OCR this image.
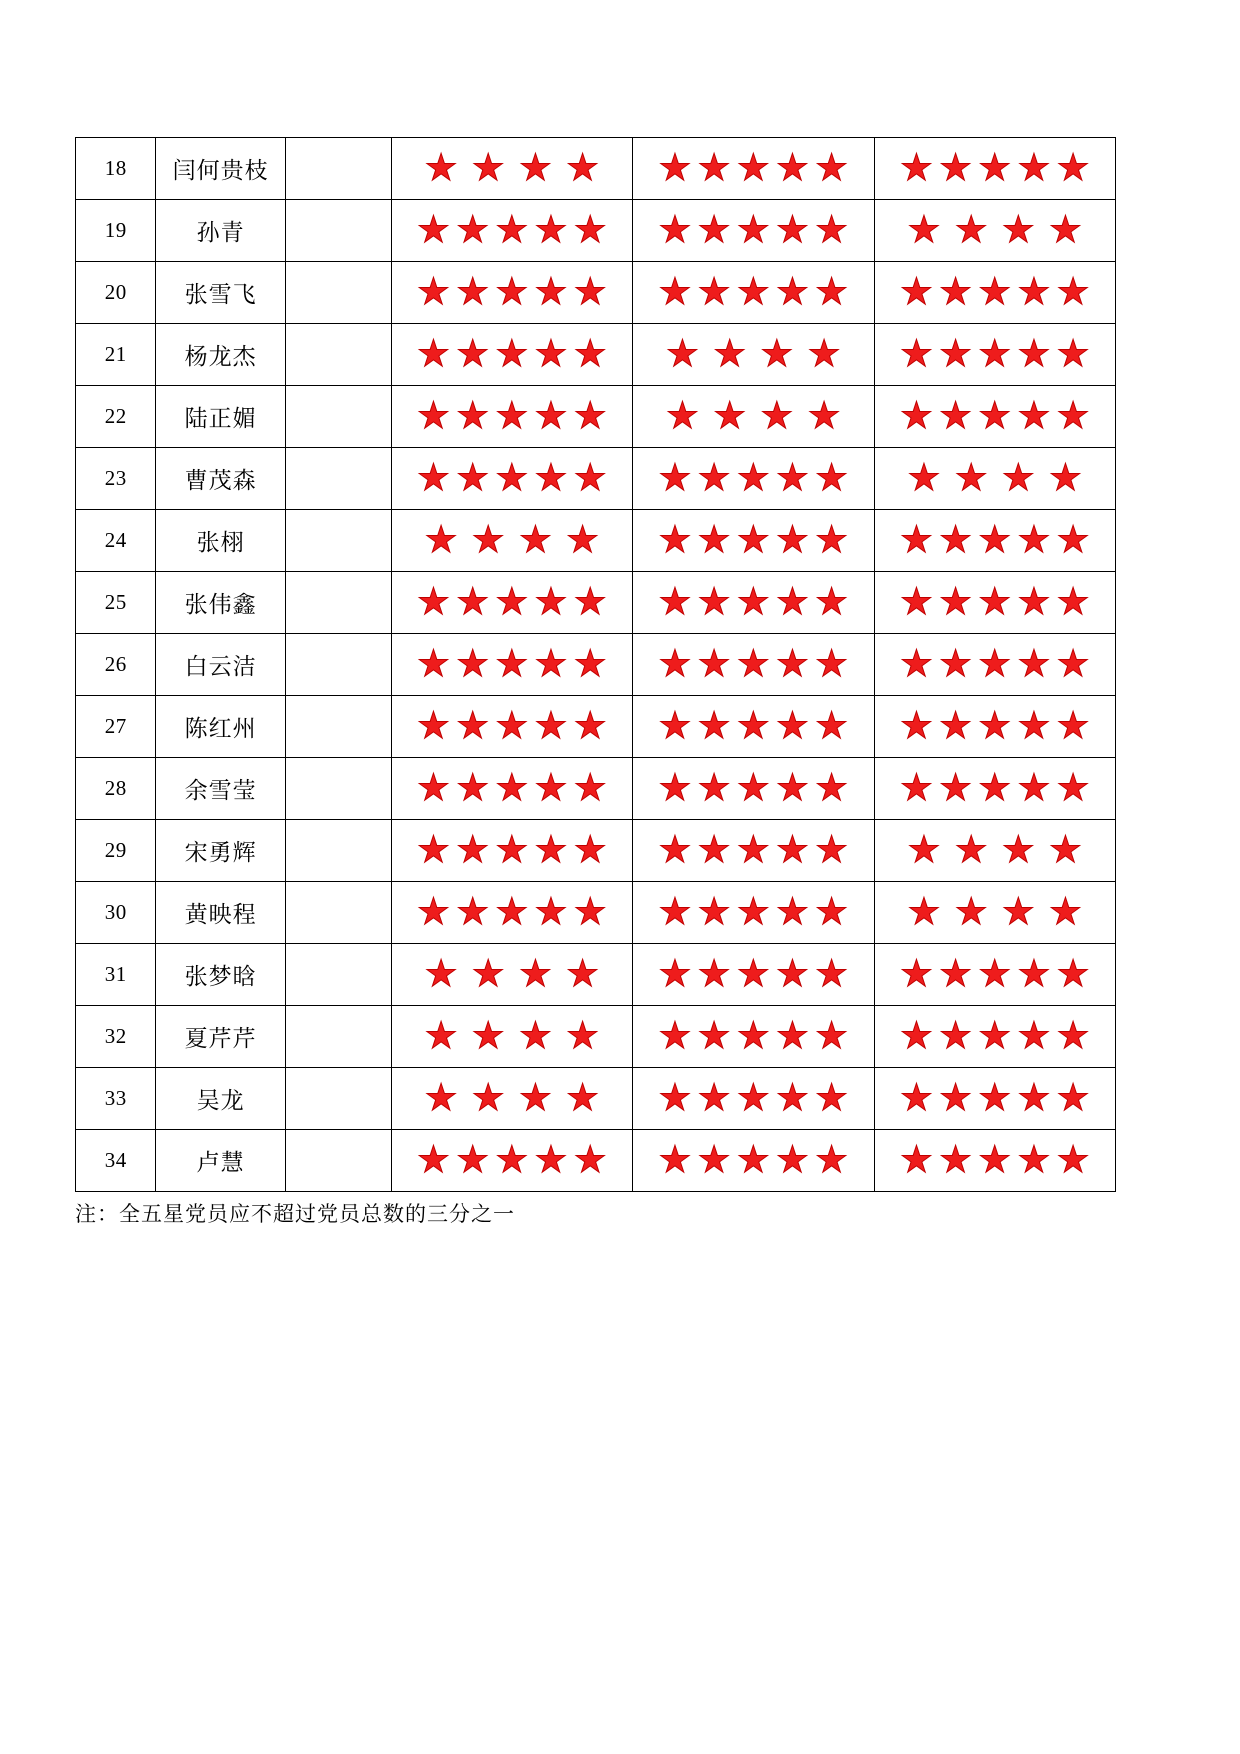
18	闫何贵枝		★ ★ ★ ★	★ ★ ★ ★ ★	★ ★ ★ ★ ★

19	孙青		★ ★ ★ ★ ★	★ ★ ★ ★ ★	★ ★ ★ ★

20	张雪飞		★ ★ ★ ★ ★	★ ★ ★ ★ ★	★ ★ ★ ★ ★

21	杨龙杰		★ ★ ★ ★ ★	★ ★ ★ ★	★ ★ ★ ★ ★

22	陆正媚		★ ★ ★ ★ ★	★ ★ ★ ★	★ ★ ★ ★ ★

23	曹茂森		★ ★ ★ ★ ★	★ ★ ★ ★ ★	★ ★ ★ ★

24	张栩		★ ★ ★ ★	★ ★ ★ ★ ★	★ ★ ★ ★ ★

25	张伟鑫		★ ★ ★ ★ ★	★ ★ ★ ★ ★	★ ★ ★ ★ ★

26	白云洁		★ ★ ★ ★ ★	★ ★ ★ ★ ★	★ ★ ★ ★ ★

27	陈红州		★ ★ ★ ★ ★	★ ★ ★ ★ ★	★ ★ ★ ★ ★

28	余雪莹		★ ★ ★ ★ ★	★ ★ ★ ★ ★	★ ★ ★ ★ ★

29	宋勇辉		★ ★ ★ ★ ★	★ ★ ★ ★ ★	★ ★ ★ ★

30	黄映程		★ ★ ★ ★ ★	★ ★ ★ ★ ★	★ ★ ★ ★

31	张梦晗		★ ★ ★ ★	★ ★ ★ ★ ★	★ ★ ★ ★ ★

32	夏芹芹		★ ★ ★ ★	★ ★ ★ ★ ★	★ ★ ★ ★ ★

33	吴龙		★ ★ ★ ★	★ ★ ★ ★ ★	★ ★ ★ ★ ★

34	卢慧		★ ★ ★ ★ ★	★ ★ ★ ★ ★	★ ★ ★ ★ ★
注：全五星党员应不超过党员总数的三分之一
